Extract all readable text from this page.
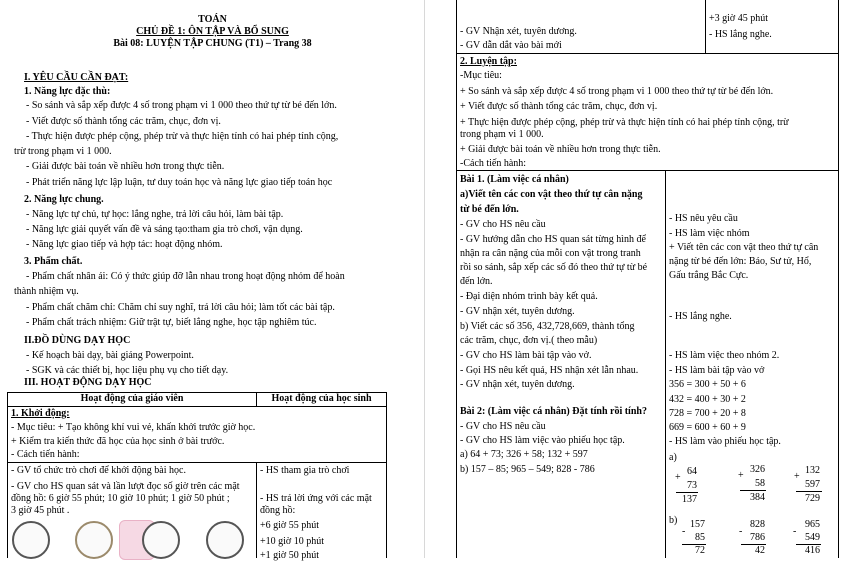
TOÁN
CHỦ ĐỀ 1: ÔN TẬP VÀ BỔ SUNG
Bài 08: LUYỆN TẬP CHUNG (T1) – Trang 38
I. YÊU CẦU CẦN ĐẠT:
1. Năng lực đặc thù:
- So sánh và sắp xếp được 4 số trong phạm vi 1 000 theo thứ tự từ bé đến lớn.
- Viết được số thành tổng các trăm, chục, đơn vị.
- Thực hiện được phép cộng, phép trừ và thực hiện tính có hai phép tính cộng,
trừ trong phạm vi 1 000.
- Giải được bài toán về nhiều hơn trong thực tiễn.
- Phát triển năng lực lập luận, tư duy toán học và năng lực giao tiếp toán học
2. Năng lực chung.
- Năng lực tự chủ, tự học: lắng nghe, trả lời câu hỏi, làm bài tập.
- Năng lực giải quyết vấn đề và sáng tạo:tham gia trò chơi, vận dụng.
- Năng lực giao tiếp và hợp tác: hoạt động nhóm.
3. Phẩm chất.
- Phẩm chất nhân ái: Có ý thức giúp đỡ lẫn nhau trong hoạt động nhóm để hoàn
thành nhiệm vụ.
- Phẩm chất chăm chỉ: Chăm chỉ suy nghĩ, trả lời câu hỏi; làm tốt các bài tập.
- Phẩm chất trách nhiệm: Giữ trật tự, biết lắng nghe, học tập nghiêm túc.
II.ĐỒ DÙNG DẠY HỌC
- Kế hoạch bài dạy, bài giảng Powerpoint.
- SGK và các thiết bị, học liệu phụ vụ cho tiết dạy.
III. HOẠT ĐỘNG DẠY HỌC
Hoạt động của giáo viên	Hoạt động của học sinh
1. Khởi động:
- Mục tiêu: + Tạo không khí vui vẻ, khấn khởi trước giờ học.
+ Kiểm tra kiến thức đã học của học sinh ở bài trước.
- Cách tiến hành:
- GV tổ chức trò chơi để khởi động bài học.
- GV cho HS quan sát và lần lượt đọc số giờ trên các mặt
đồng hồ: 6 giờ 55 phút; 10 giờ 10 phút; 1 giờ 50 phút ;
3 giờ 45 phút .
- HS tham gia trò chơi
- HS trả lời ứng với các mặt
đồng hồ:
+6 giờ 55 phút
+10 giờ 10 phút
+1 giờ 50 phút
- GV Nhận xét, tuyên dương.
- GV dẫn dắt vào bài mới
+3 giờ 45 phút
- HS lắng nghe.
2. Luyện tập:
-Mục tiêu:
+ So sánh và sắp xếp được 4 số trong phạm vi 1 000 theo thứ tự từ bé đến lớn.
+ Viết được số thành tổng các trăm, chục, đơn vị.
+ Thực hiện được phép cộng, phép trừ và thực hiện tính có hai phép tính cộng, trừ
trong phạm vi 1 000.
+ Giải được bài toán về nhiều hơn trong thực tiễn.
-Cách tiến hành:
Bài 1. (Làm việc cá nhân)
a)Viết tên các con vật theo thứ tự cân nặng
từ bé đến lớn.
- GV cho HS nêu cầu
- GV hướng dẫn cho HS quan sát từng hình để
nhận ra cân nặng của mỗi con vật trong tranh
rồi so sánh, sắp xếp các số đó theo thứ tự từ bé
đến lớn.
- Đại diện nhóm trình bày kết quả.
- GV nhận xét, tuyên dương.
b) Viết các số 356, 432,728,669, thành tổng
các trăm, chục, đơn vị.( theo mẫu)
- GV cho HS làm bài tập vào vở.
- Gọi HS nêu kết quả, HS nhận xét lẫn nhau.
- GV nhận xét, tuyên dương.
Bài 2: (Làm việc cá nhân) Đặt tính rồi tính?
- GV cho HS nêu cầu
- GV cho HS làm việc vào phiếu học tập.
a) 64 + 73; 326 + 58; 132 + 597
b) 157 – 85; 965 – 549; 828 - 786
- HS nêu yêu cầu
- HS làm việc nhóm
+ Viết tên các con vật theo thứ tự cân
nặng từ bé đến lớn: Báo, Sư tử, Hổ,
Gấu trắng Bắc Cực.
- HS lắng nghe.
- HS làm việc theo nhóm 2.
- HS làm bài tập vào vở
356 = 300 + 50 + 6
432 = 400 + 30 + 2
728 = 700 + 20 + 8
669 = 600 + 60 + 9
- HS làm vào phiếu học tập.
a)
b)
+
64
73
137
+
326
58
384
+
132
597
729
-
157
85
72
-
828
786
42
-
965
549
416
